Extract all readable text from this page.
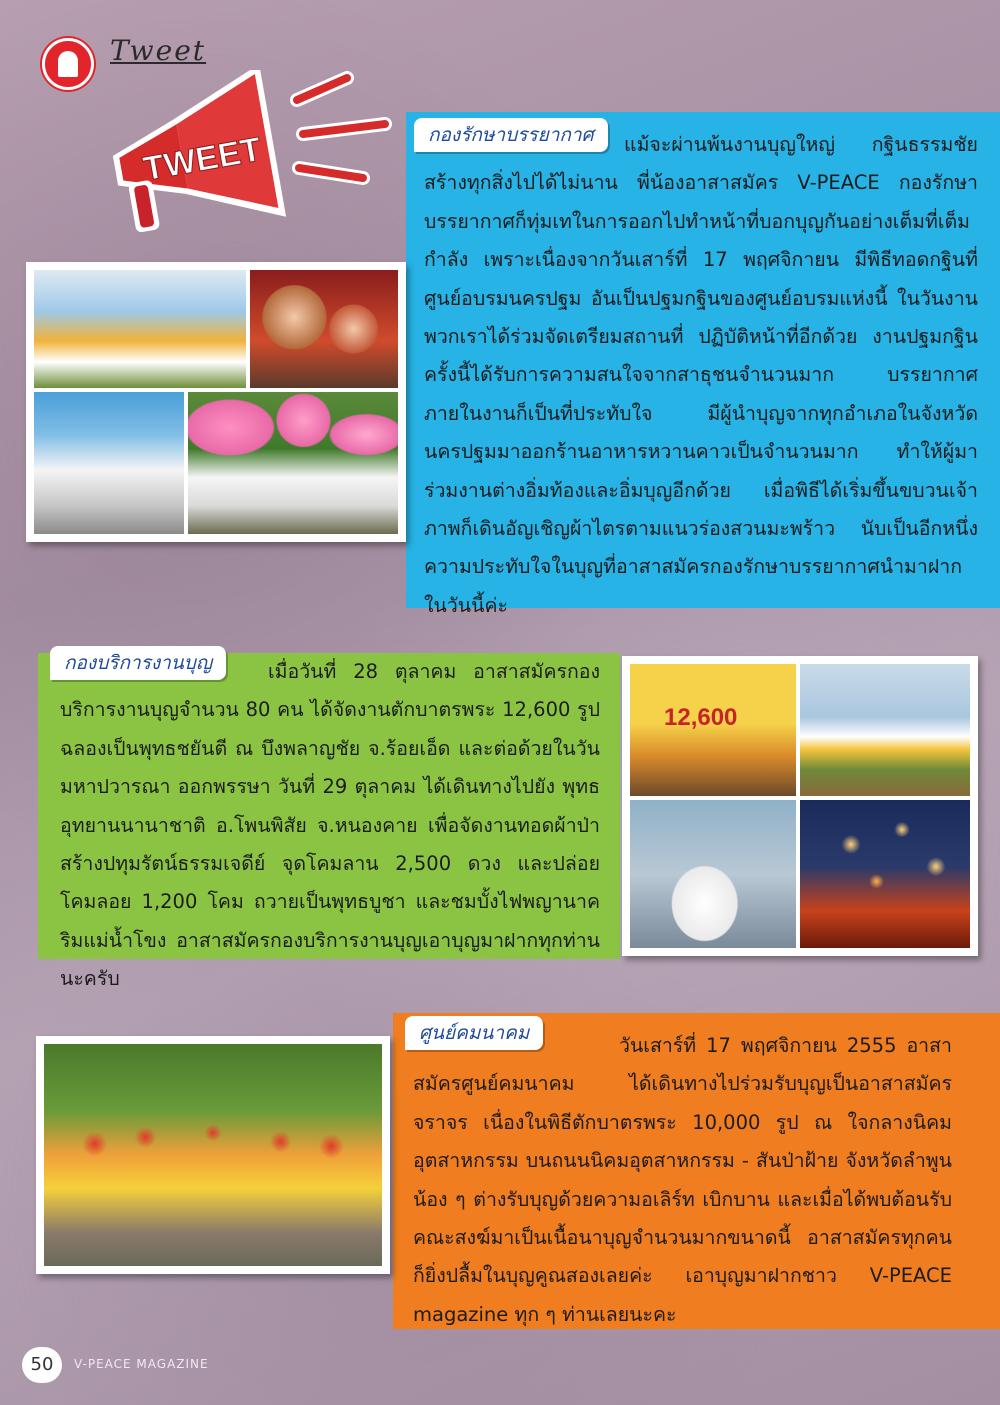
Tweet
TWEET	แม้จะผ่านพ้นงานบุญใหญ่ กฐินธรรมชัย สร้างทุกสิ่งไปได้ไม่นาน พี่น้องอาสาสมัคร V-PEACE กองรักษาบรรยากาศก็ทุ่มเทในการออกไปทำหน้าที่บอกบุญกันอย่างเต็มที่เต็มกำลัง เพราะเนื่องจากวันเสาร์ที่ 17 พฤศจิกายน มีพิธีทอดกฐินที่ศูนย์อบรมนครปฐม อันเป็นปฐมกฐินของศูนย์อบรมแห่งนี้ ในวันงานพวกเราได้ร่วมจัดเตรียมสถานที่ ปฏิบัติหน้าที่อีกด้วย งานปฐมกฐินครั้งนี้ได้รับการความสนใจจากสาธุชนจำนวนมาก บรรยากาศภายในงานก็เป็นที่ประทับใจ มีผู้นำบุญจากทุกอำเภอในจังหวัดนครปฐมมาออกร้านอาหารหวานคาวเป็นจำนวนมาก ทำให้ผู้มาร่วมงานต่างอิ่มท้องและอิ่มบุญอีกด้วย เมื่อพิธีได้เริ่มขึ้นขบวนเจ้าภาพก็เดินอัญเชิญผ้าไตรตามแนวร่องสวนมะพร้าว นับเป็นอีกหนึ่งความประทับใจในบุญที่อาสาสมัครกองรักษาบรรยากาศนำมาฝากในวันนี้ค่ะ

กองรักษาบรรยากาศ

เมื่อวันที่ 28 ตุลาคม อาสาสมัครกองบริการงานบุญจำนวน 80 คน ได้จัดงานตักบาตรพระ 12,600 รูป ฉลองเป็นพุทธชยันตี ณ บึงพลาญชัย จ.ร้อยเอ็ด และต่อด้วยในวันมหาปวารณา ออกพรรษา วันที่ 29 ตุลาคม ได้เดินทางไปยัง พุทธอุทยานนานาชาติ อ.โพนพิสัย จ.หนองคาย เพื่อจัดงานทอดผ้าป่าสร้างปทุมรัตน์ธรรมเจดีย์ จุดโคมลาน 2,500 ดวง และปล่อยโคมลอย 1,200 โคม ถวายเป็นพุทธบูชา และชมบั้งไฟพญานาคริมแม่น้ำโขง อาสาสมัครกองบริการงานบุญเอาบุญมาฝากทุกท่านนะครับ

กองบริการงานบุญ
12,600

วันเสาร์ที่ 17 พฤศจิกายน 2555 อาสาสมัครศูนย์คมนาคม ได้เดินทางไปร่วมรับบุญเป็นอาสาสมัครจราจร เนื่องในพิธีตักบาตรพระ 10,000 รูป ณ ใจกลางนิคมอุตสาหกรรม บนถนนนิคมอุตสาหกรรม - สันป่าฝ้าย จังหวัดลำพูน น้อง ๆ ต่างรับบุญด้วยความอเลิร์ท เบิกบาน และเมื่อได้พบต้อนรับคณะสงฆ์มาเป็นเนื้อนาบุญจำนวนมากขนาดนี้ อาสาสมัครทุกคนก็ยิ่งปลื้มในบุญคูณสองเลยค่ะ เอาบุญมาฝากชาว V-PEACE magazine ทุก ๆ ท่านเลยนะคะ

ศูนย์คมนาคม
50	V-PEACE MAGAZINE
